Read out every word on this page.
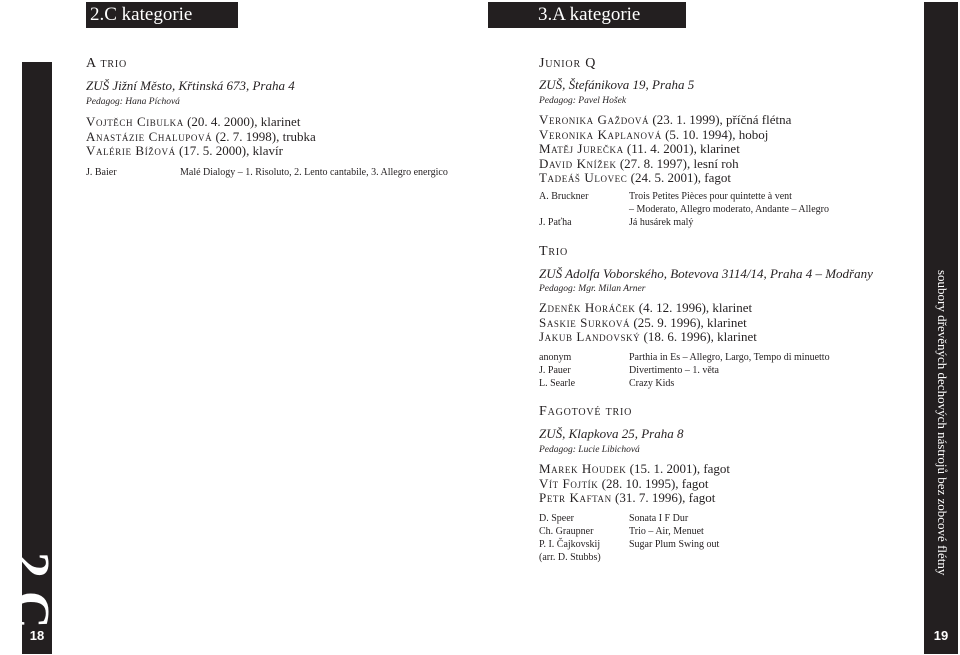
2.C kategorie	3.A kategorie
2.C
18
soubory dřevěných dechových nástrojů bez zobcové flétny
19
A trio
ZUŠ Jižní Město, Křtinská 673, Praha 4
Pedagog: Hana Píchová
Vojtěch Cibulka (20. 4. 2000), klarinet
Anastázie Chalupová (2. 7. 1998), trubka
Valérie Bížová (17. 5. 2000), klavír
J. Baier	Malé Dialogy – 1. Risoluto, 2. Lento cantabile, 3. Allegro energico
Junior Q
ZUŠ, Štefánikova 19, Praha 5
Pedagog: Pavel Hošek
Veronika Gaždová (23. 1. 1999), příčná flétna
Veronika Kaplanová (5. 10. 1994), hoboj
Matěj Jurečka (11. 4. 2001), klarinet
David Knížek (27. 8. 1997), lesní roh
Tadeáš Ulovec (24. 5. 2001), fagot
A. Bruckner	Trois Petites Pièces pour quintette à vent
– Moderato, Allegro moderato, Andante – Allegro
J. Paťha	Já husárek malý
Trio
ZUŠ Adolfa Voborského, Botevova 3114/14, Praha 4 – Modřany
Pedagog: Mgr. Milan Arner
Zdeněk Horáček (4. 12. 1996), klarinet
Saskie Surková (25. 9. 1996), klarinet
Jakub Landovský (18. 6. 1996), klarinet
anonym	Parthia in Es – Allegro, Largo, Tempo di minuetto
J. Pauer	Divertimento – 1. věta
L. Searle	Crazy Kids
Fagotové trio
ZUŠ, Klapkova 25, Praha 8
Pedagog: Lucie Libichová
Marek Houdek (15. 1. 2001), fagot
Vít Fojtík (28. 10. 1995), fagot
Petr Kaftan (31. 7. 1996), fagot
D. Speer	Sonata I F Dur
Ch. Graupner	Trio – Air, Menuet
P. I. Čajkovskij	Sugar Plum Swing out
(arr. D. Stubbs)
